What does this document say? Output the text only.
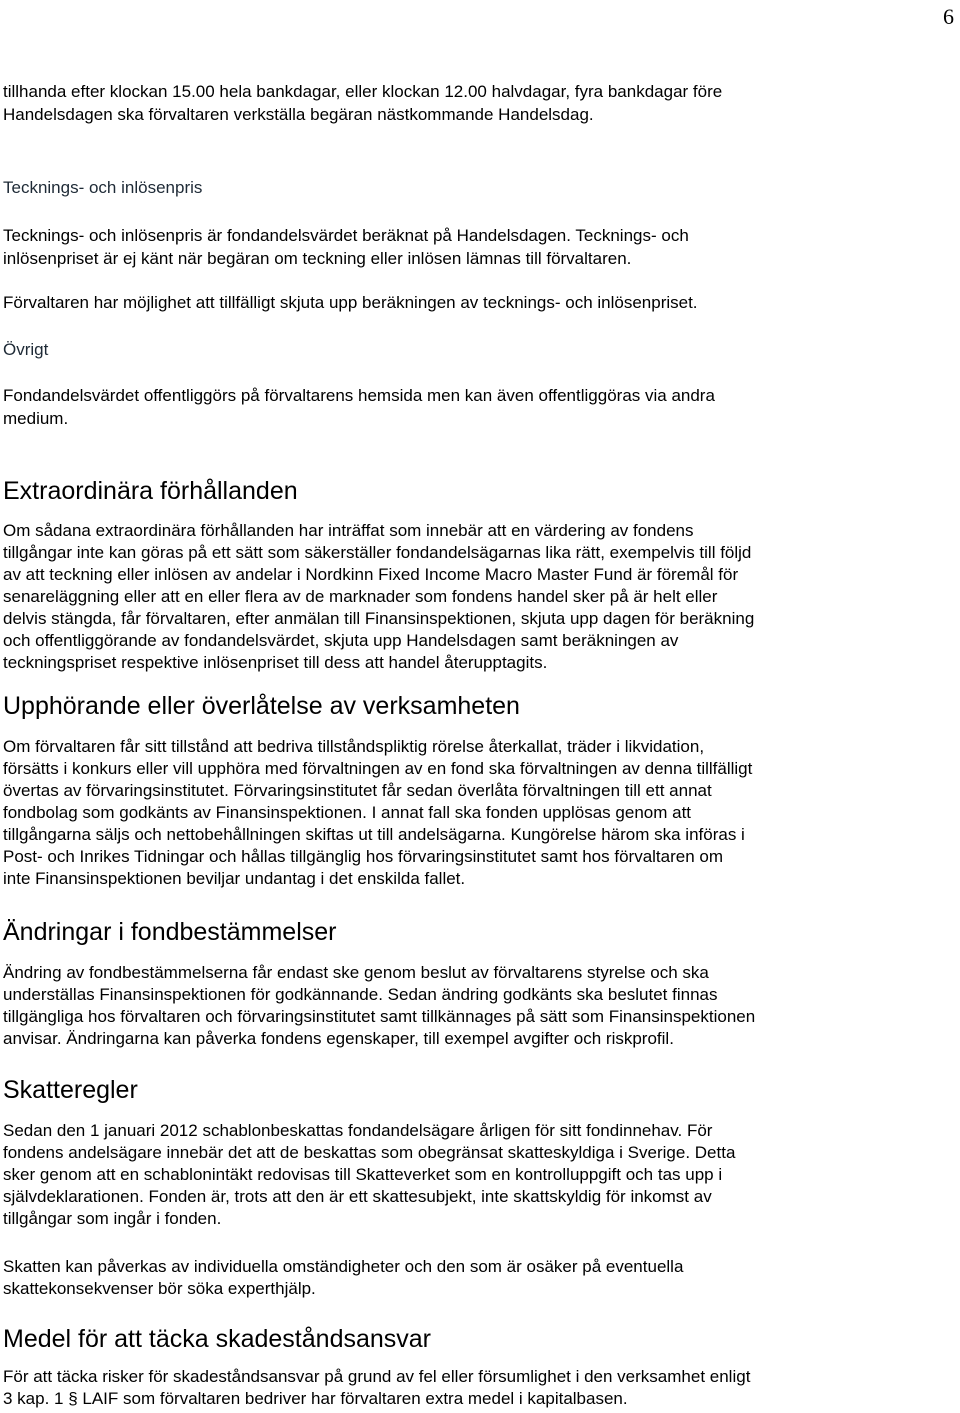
6
tillhanda efter klockan 15.00 hela bankdagar, eller klockan 12.00 halvdagar, fyra bankdagar före
Handelsdagen ska förvaltaren verkställa begäran nästkommande Handelsdag.
Tecknings- och inlösenpris
Tecknings- och inlösenpris är fondandelsvärdet beräknat på Handelsdagen. Tecknings- och
inlösenpriset är ej känt när begäran om teckning eller inlösen lämnas till förvaltaren.
Förvaltaren har möjlighet att tillfälligt skjuta upp beräkningen av tecknings- och inlösenpriset.
Övrigt
Fondandelsvärdet offentliggörs på förvaltarens hemsida men kan även offentliggöras via andra
medium.
Extraordinära förhållanden
Om sådana extraordinära förhållanden har inträffat som innebär att en värdering av fondens
tillgångar inte kan göras på ett sätt som säkerställer fondandelsägarnas lika rätt, exempelvis till följd
av att teckning eller inlösen av andelar i Nordkinn Fixed Income Macro Master Fund är föremål för
senareläggning eller att en eller flera av de marknader som fondens handel sker på är helt eller
delvis stängda, får förvaltaren, efter anmälan till Finansinspektionen, skjuta upp dagen för beräkning
och offentliggörande av fondandelsvärdet, skjuta upp Handelsdagen samt beräkningen av
teckningspriset respektive inlösenpriset till dess att handel återupptagits.
Upphörande eller överlåtelse av verksamheten
Om förvaltaren får sitt tillstånd att bedriva tillståndspliktig rörelse återkallat, träder i likvidation,
försätts i konkurs eller vill upphöra med förvaltningen av en fond ska förvaltningen av denna tillfälligt
övertas av förvaringsinstitutet. Förvaringsinstitutet får sedan överlåta förvaltningen till ett annat
fondbolag som godkänts av Finansinspektionen. I annat fall ska fonden upplösas genom att
tillgångarna säljs och nettobehållningen skiftas ut till andelsägarna. Kungörelse härom ska införas i
Post- och Inrikes Tidningar och hållas tillgänglig hos förvaringsinstitutet samt hos förvaltaren om
inte Finansinspektionen beviljar undantag i det enskilda fallet.
Ändringar i fondbestämmelser
Ändring av fondbestämmelserna får endast ske genom beslut av förvaltarens styrelse och ska
underställas Finansinspektionen för godkännande. Sedan ändring godkänts ska beslutet finnas
tillgängliga hos förvaltaren och förvaringsinstitutet samt tillkännages på sätt som Finansinspektionen
anvisar. Ändringarna kan påverka fondens egenskaper, till exempel avgifter och riskprofil.
Skatteregler
Sedan den 1 januari 2012 schablonbeskattas fondandelsägare årligen för sitt fondinnehav. För
fondens andelsägare innebär det att de beskattas som obegränsat skatteskyldiga i Sverige. Detta
sker genom att en schablonintäkt redovisas till Skatteverket som en kontrolluppgift och tas upp i
självdeklarationen. Fonden är, trots att den är ett skattesubjekt, inte skattskyldig för inkomst av
tillgångar som ingår i fonden.
Skatten kan påverkas av individuella omständigheter och den som är osäker på eventuella
skattekonsekvenser bör söka experthjälp.
Medel för att täcka skadeståndsansvar
För att täcka risker för skadeståndsansvar på grund av fel eller försumlighet i den verksamhet enligt
3 kap. 1 § LAIF som förvaltaren bedriver har förvaltaren extra medel i kapitalbasen.
